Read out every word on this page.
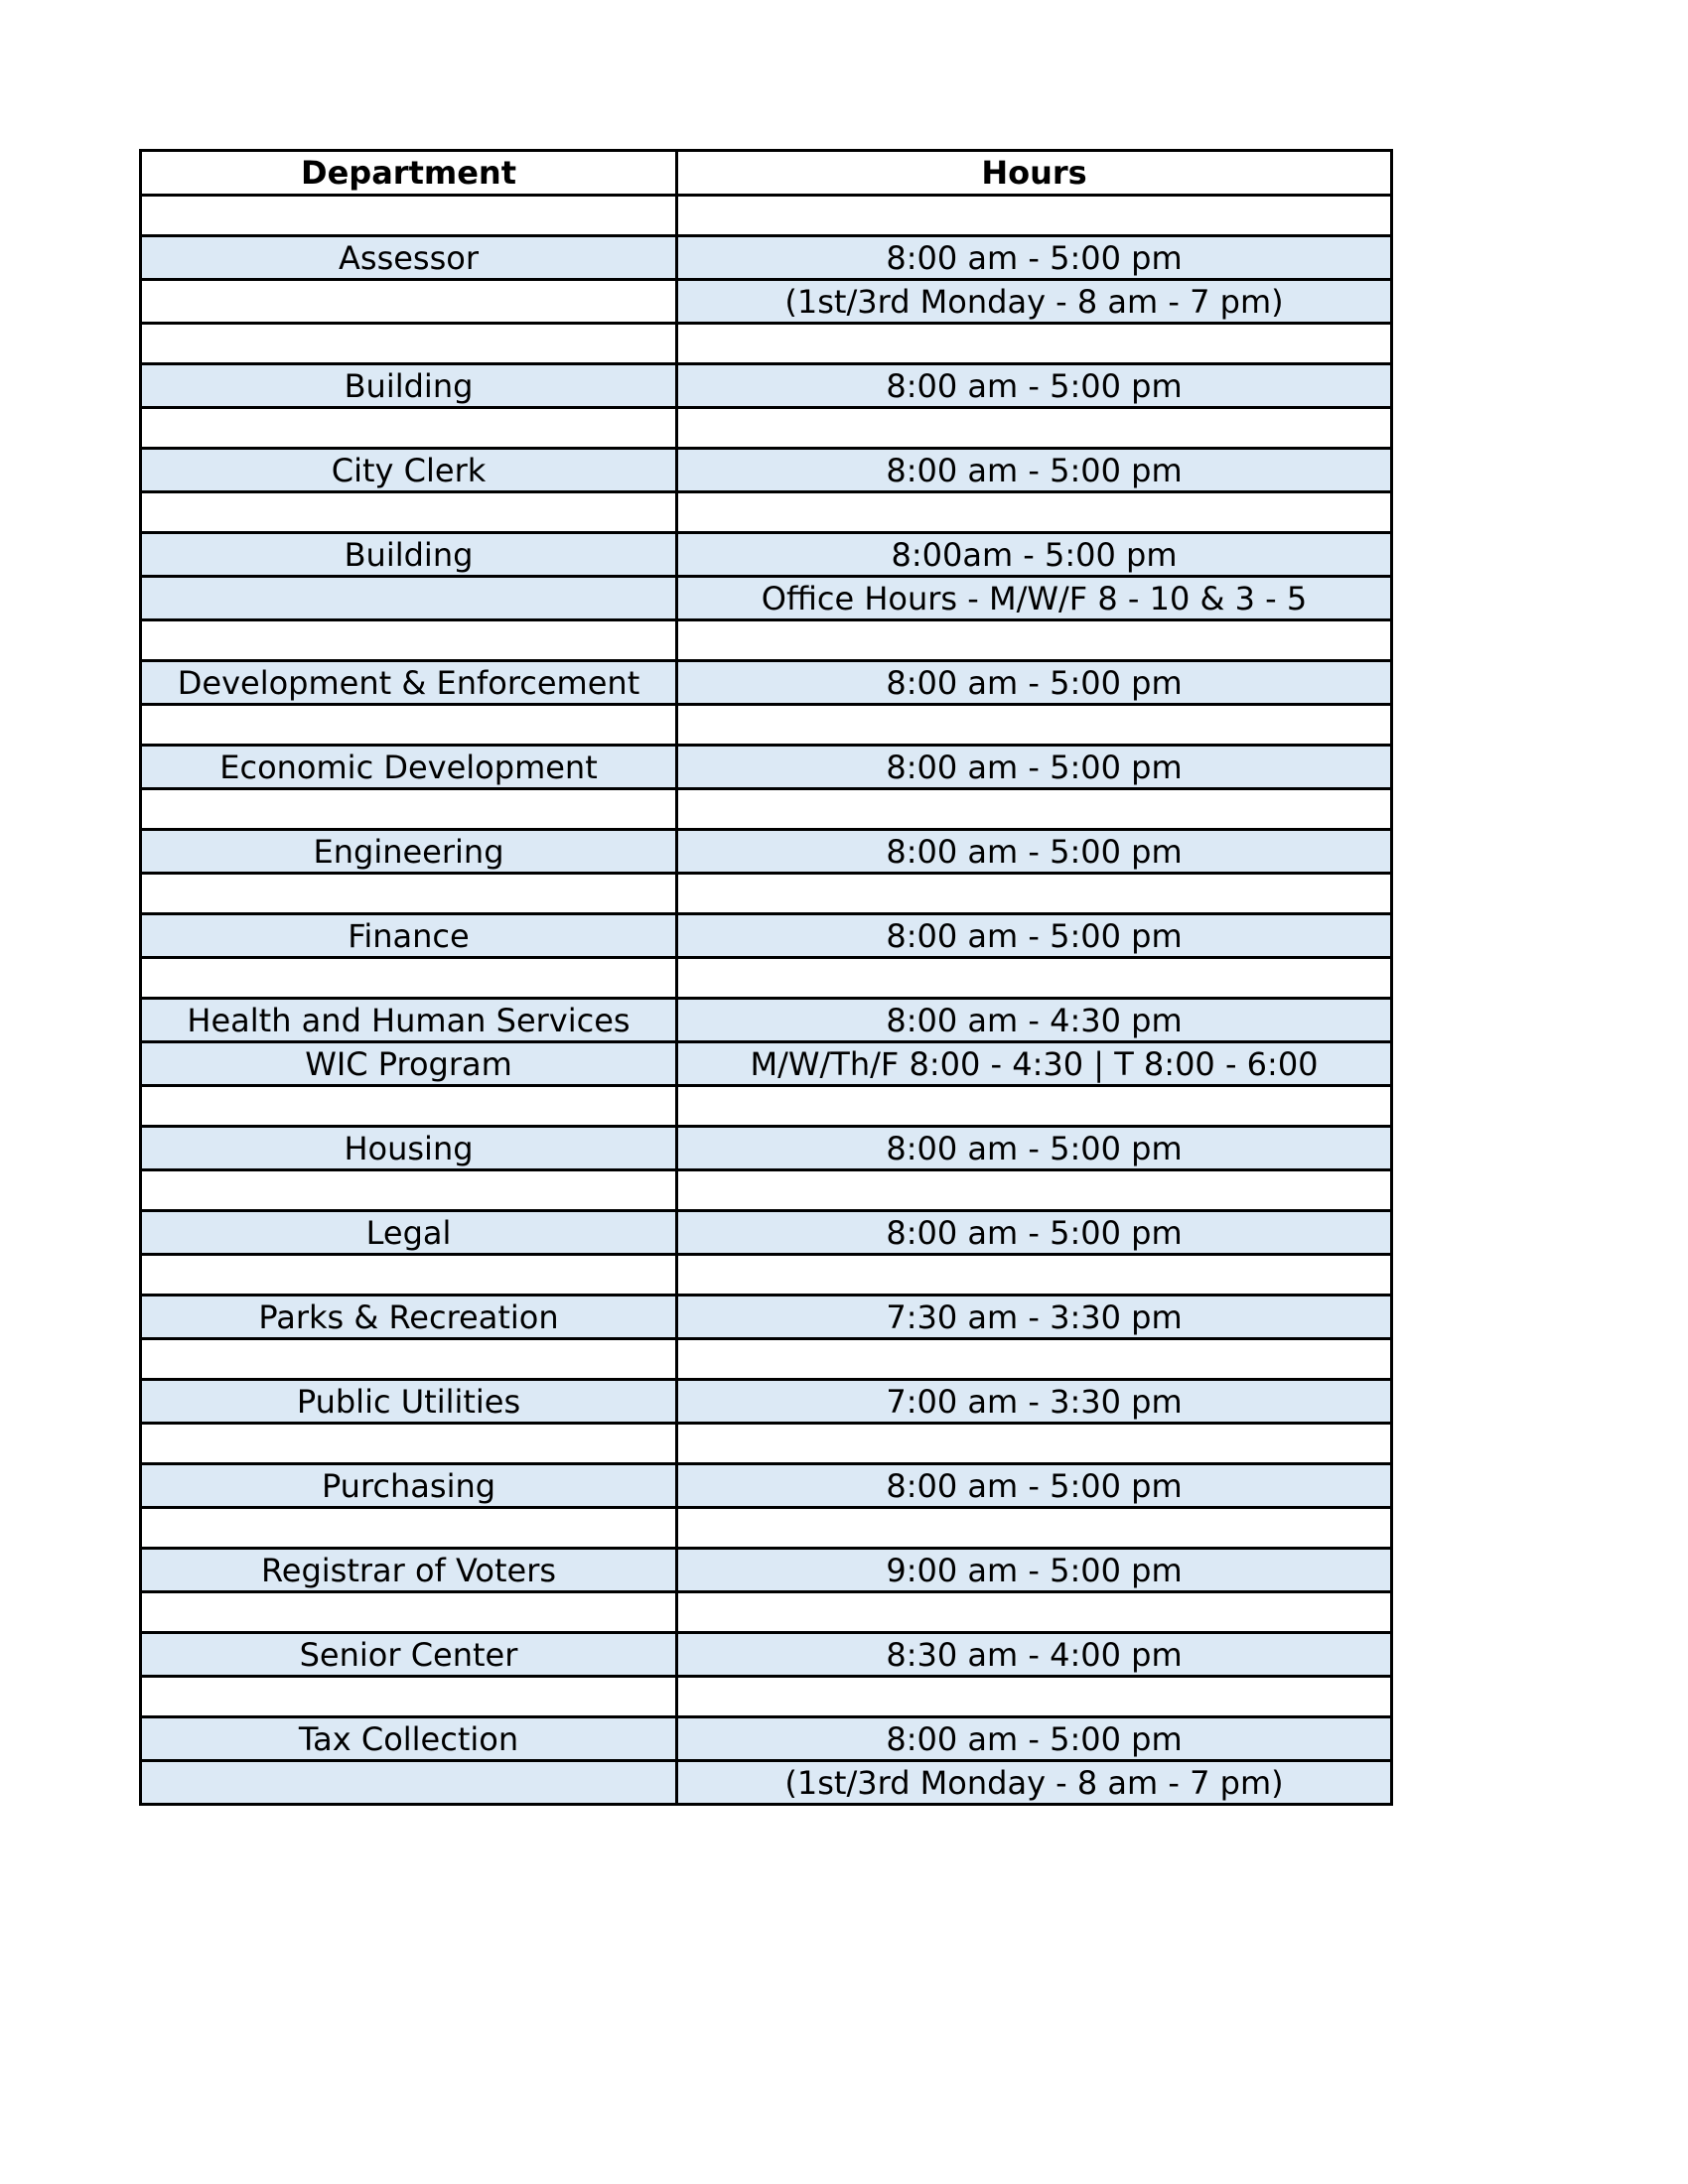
Department	Hours

Assessor	8:00 am - 5:00 pm
	(1st/3rd Monday - 8 am - 7 pm)

Building	8:00 am - 5:00 pm

City Clerk	8:00 am - 5:00 pm

Building	8:00am - 5:00 pm
	Office Hours - M/W/F 8 - 10 & 3 - 5

Development & Enforcement	8:00 am - 5:00 pm

Economic Development	8:00 am - 5:00 pm

Engineering	8:00 am - 5:00 pm

Finance	8:00 am - 5:00 pm

Health and Human Services	8:00 am - 4:30 pm
WIC Program	M/W/Th/F 8:00 - 4:30 | T 8:00 - 6:00

Housing	8:00 am - 5:00 pm

Legal	8:00 am - 5:00 pm

Parks & Recreation	7:30 am - 3:30 pm

Public Utilities	7:00 am - 3:30 pm

Purchasing	8:00 am - 5:00 pm

Registrar of Voters	9:00 am - 5:00 pm

Senior Center	8:30 am - 4:00 pm

Tax Collection	8:00 am - 5:00 pm
	(1st/3rd Monday - 8 am - 7 pm)
